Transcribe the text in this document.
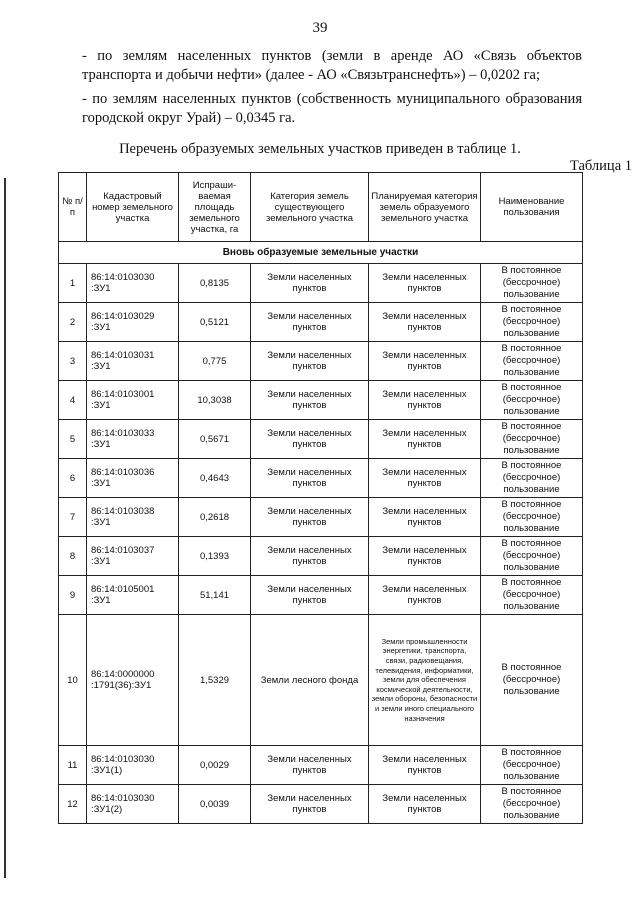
39
- по землям населенных пунктов (земли в аренде АО «Связь объектов транспорта и добычи нефти» (далее - АО «Связьтранснефть») – 0,0202 га;
- по землям населенных пунктов (собственность муниципального образования городской округ Урай) – 0,0345 га.
Перечень образуемых земельных участков приведен в таблице 1.
Таблица 1
№ п/п	Кадастровый номер земельного участка	Испраши-ваемая площадь земельного участка, га	Категория земель существующего земельного участка	Планируемая категория земель образуемого земельного участка	Наименование пользования
Вновь образуемые земельные участки					
1	86:14:0103030 :ЗУ1	0,8135	Земли населенных пунктов	Земли населенных пунктов	В постоянное (бессрочное) пользование
2	86:14:0103029 :ЗУ1	0,5121	Земли населенных пунктов	Земли населенных пунктов	В постоянное (бессрочное) пользование
3	86:14:0103031 :ЗУ1	0,775	Земли населенных пунктов	Земли населенных пунктов	В постоянное (бессрочное) пользование
4	86:14:0103001 :ЗУ1	10,3038	Земли населенных пунктов	Земли населенных пунктов	В постоянное (бессрочное) пользование
5	86:14:0103033 :ЗУ1	0,5671	Земли населенных пунктов	Земли населенных пунктов	В постоянное (бессрочное) пользование
6	86:14:0103036 :ЗУ1	0,4643	Земли населенных пунктов	Земли населенных пунктов	В постоянное (бессрочное) пользование
7	86:14:0103038 :ЗУ1	0,2618	Земли населенных пунктов	Земли населенных пунктов	В постоянное (бессрочное) пользование
8	86:14:0103037 :ЗУ1	0,1393	Земли населенных пунктов	Земли населенных пунктов	В постоянное (бессрочное) пользование
9	86:14:0105001 :ЗУ1	51,141	Земли населенных пунктов	Земли населенных пунктов	В постоянное (бессрочное) пользование
10	86:14:0000000 :1791(36):ЗУ1	1,5329	Земли лесного фонда	Земли промышленности энергетики, транспорта, связи, радиовещания, телевидения, информатики, земли для обеспечения космической деятельности, земли обороны, безопасности и земли иного специального назначения	В постоянное (бессрочное) пользование
11	86:14:0103030 :ЗУ1(1)	0,0029	Земли населенных пунктов	Земли населенных пунктов	В постоянное (бессрочное) пользование
12	86:14:0103030 :ЗУ1(2)	0,0039	Земли населенных пунктов	Земли населенных пунктов	В постоянное (бессрочное) пользование
